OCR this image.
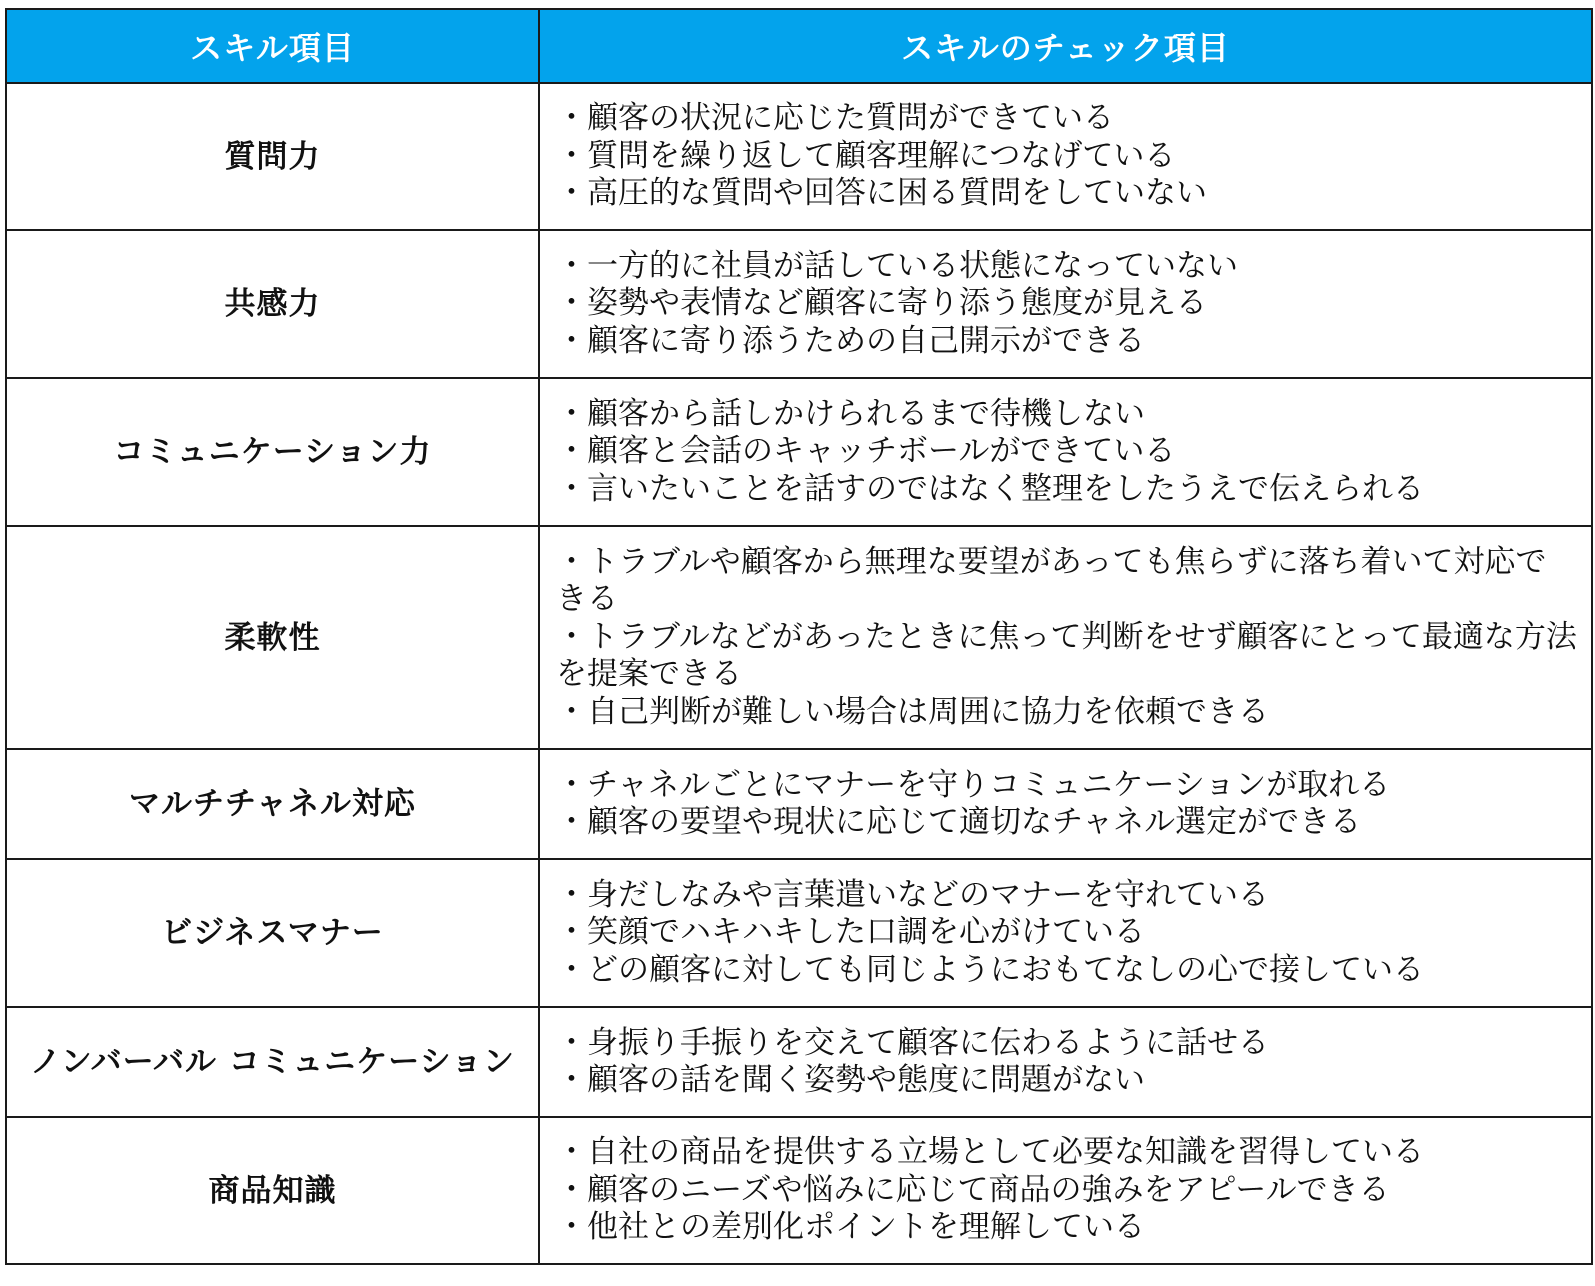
スキル項目	スキルのチェック項目
質問力	・顧客の状況に応じた質問ができている
・質問を繰り返して顧客理解につなげている
・高圧的な質問や回答に困る質問をしていない

共感力	・一方的に社員が話している状態になっていない
・姿勢や表情など顧客に寄り添う態度が見える
・顧客に寄り添うための自己開示ができる

コミュニケーション力	・顧客から話しかけられるまで待機しない
・顧客と会話のキャッチボールができている
・言いたいことを話すのではなく整理をしたうえで伝えられる

柔軟性	・トラブルや顧客から無理な要望があっても焦らずに落ち着いて対応できる
・トラブルなどがあったときに焦って判断をせず顧客にとって最適な方法を提案できる
・自己判断が難しい場合は周囲に協力を依頼できる

マルチチャネル対応	・チャネルごとにマナーを守りコミュニケーションが取れる
・顧客の要望や現状に応じて適切なチャネル選定ができる

ビジネスマナー	・身だしなみや言葉遣いなどのマナーを守れている
・笑顔でハキハキした口調を心がけている
・どの顧客に対しても同じようにおもてなしの心で接している

ノンバーバル コミュニケーション	・身振り手振りを交えて顧客に伝わるように話せる
・顧客の話を聞く姿勢や態度に問題がない

商品知識	・自社の商品を提供する立場として必要な知識を習得している
・顧客のニーズや悩みに応じて商品の強みをアピールできる
・他社との差別化ポイントを理解している
